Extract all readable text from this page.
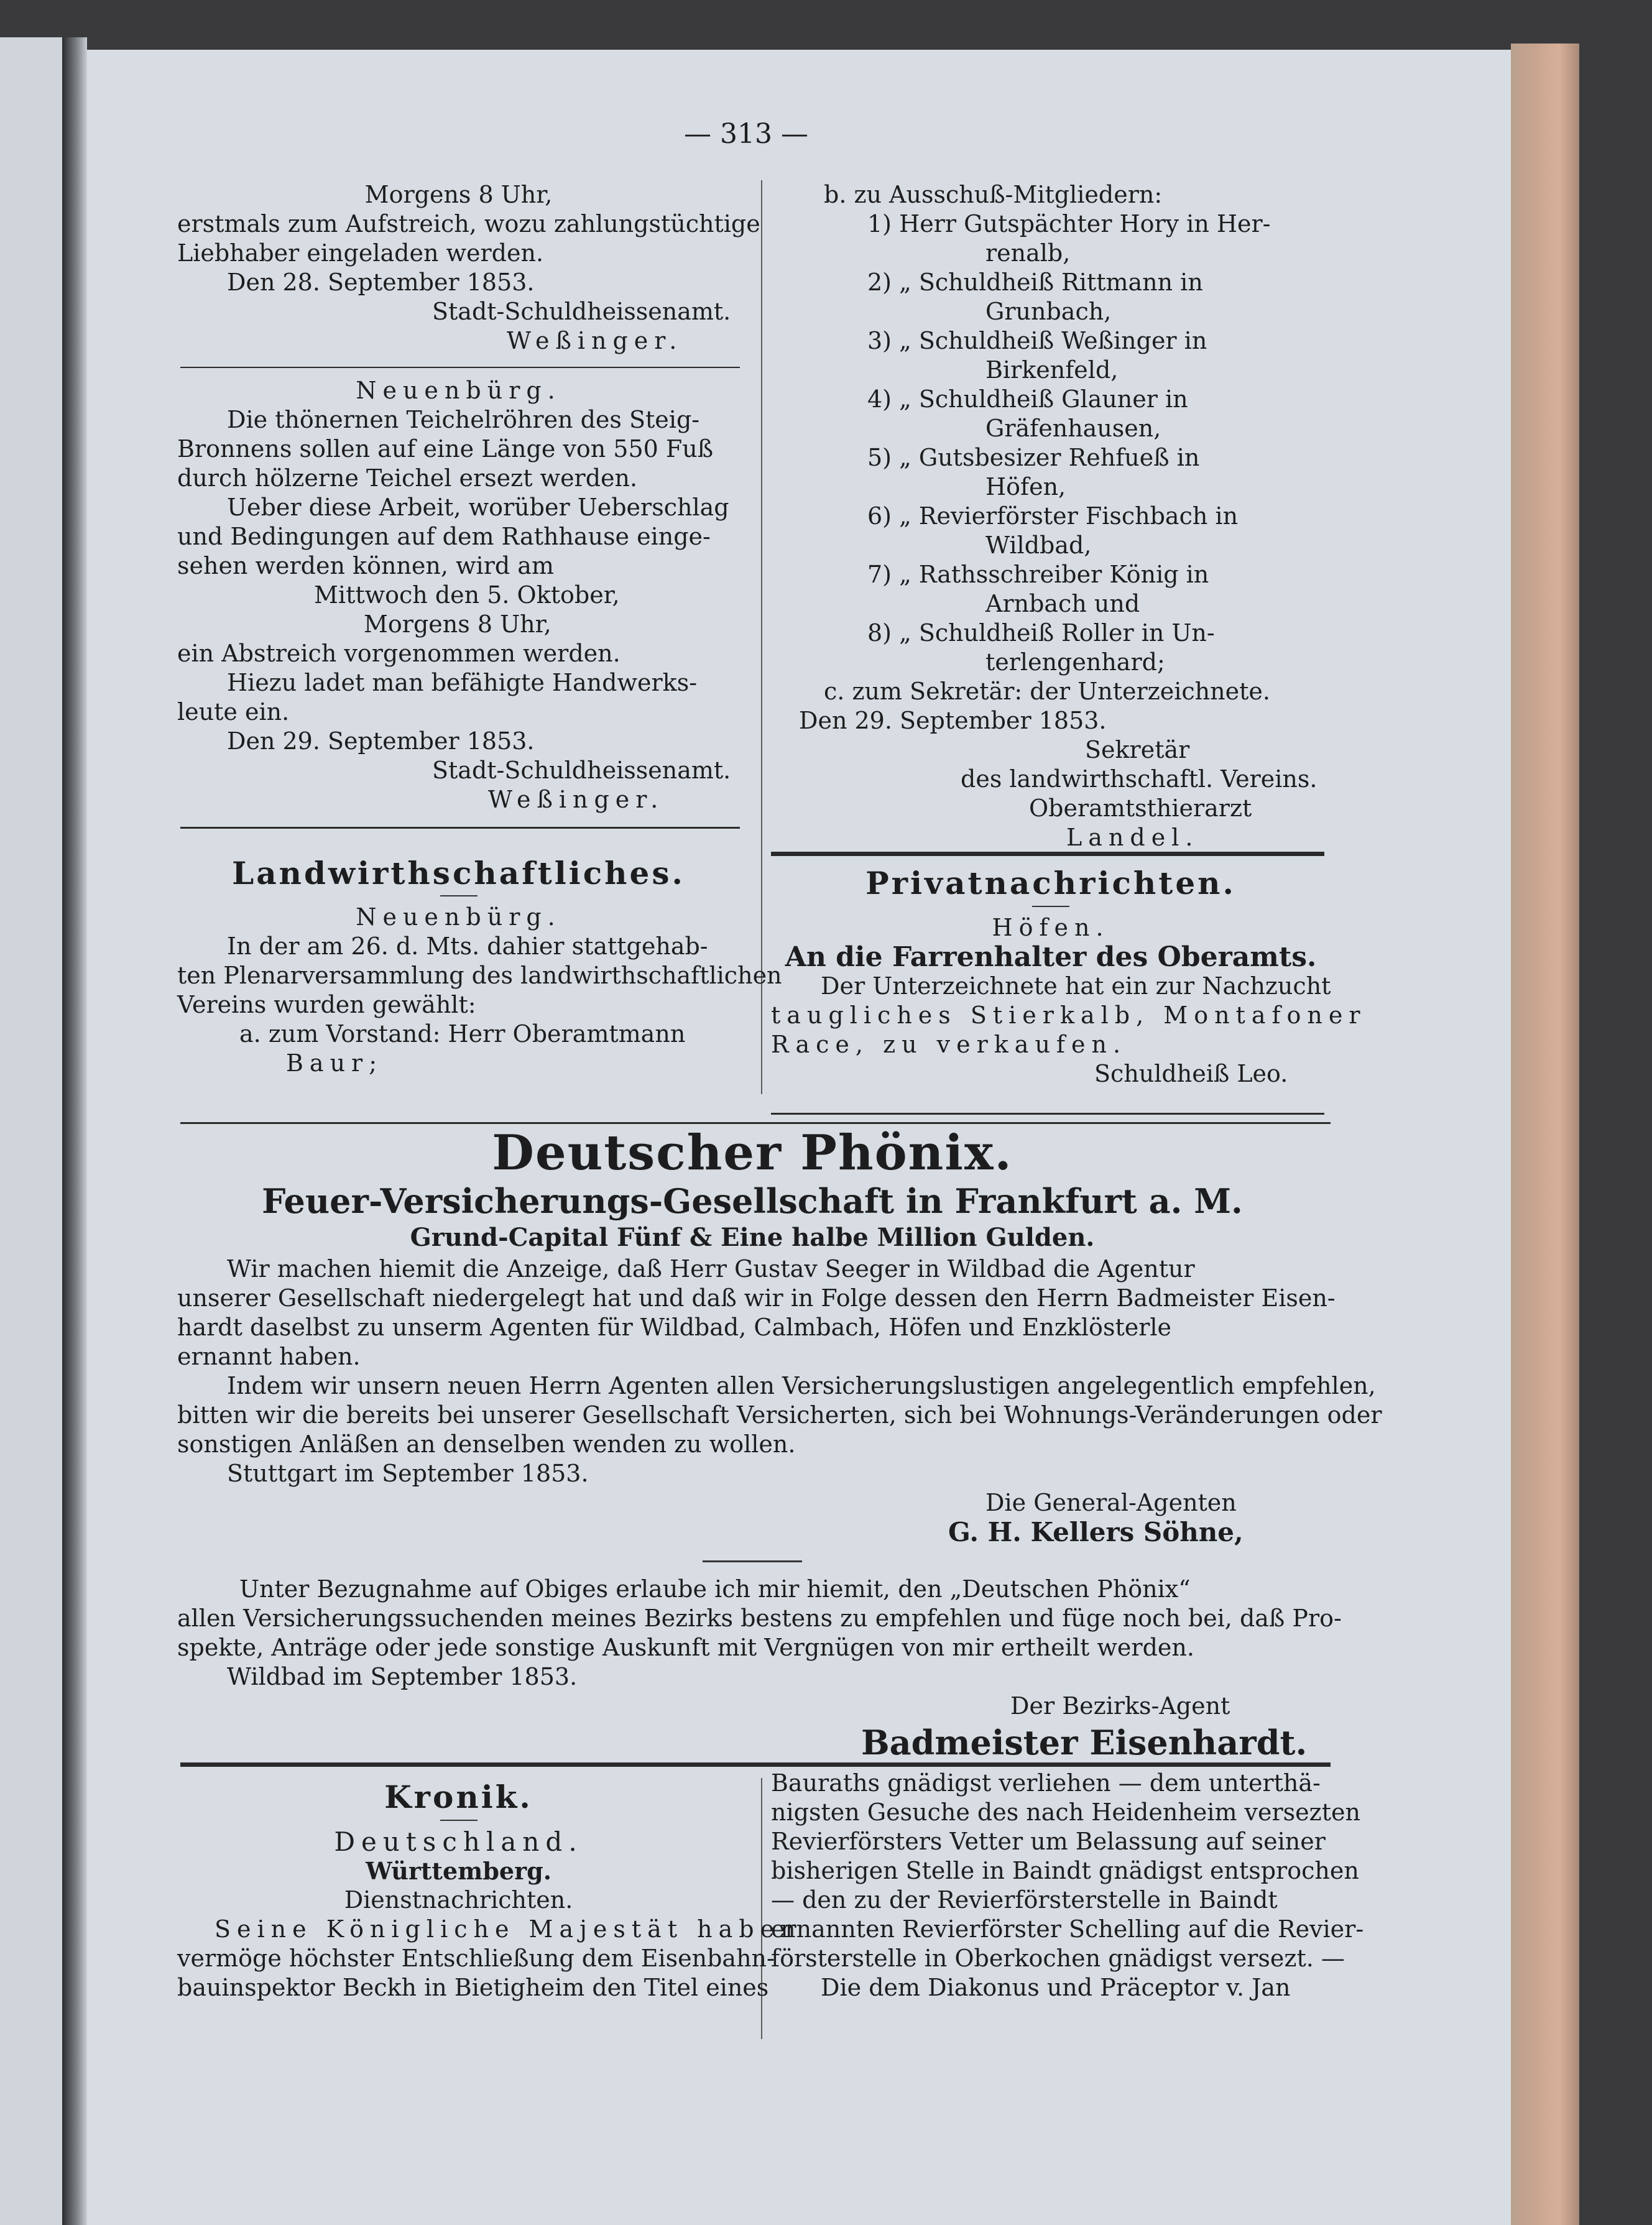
— 313 —

Morgens 8 Uhr,

erstmals zum Aufstreich, wozu zahlungstüchtige

Liebhaber eingeladen werden.

Den 28. September 1853.

Stadt-Schuldheissenamt.

Weßinger.

Neuenbürg.

Die thönernen Teichelröhren des Steig-

Bronnens sollen auf eine Länge von 550 Fuß

durch hölzerne Teichel ersezt werden.

Ueber diese Arbeit, worüber Ueberschlag

und Bedingungen auf dem Rathhause einge-

sehen werden können, wird am

Mittwoch den 5. Oktober,

Morgens 8 Uhr,

ein Abstreich vorgenommen werden.

Hiezu ladet man befähigte Handwerks-

leute ein.

Den 29. September 1853.

Stadt-Schuldheissenamt.

Weßinger.

Landwirthschaftliches.

Neuenbürg.

In der am 26. d. Mts. dahier stattgehab-

ten Plenarversammlung des landwirthschaftlichen

Vereins wurden gewählt:

a. zum Vorstand: Herr Oberamtmann

Baur;

b. zu Ausschuß-Mitgliedern:

1) Herr Gutspächter Hory in Her-

renalb,

2) „ Schuldheiß Rittmann in

Grunbach,

3) „ Schuldheiß Weßinger in

Birkenfeld,

4) „ Schuldheiß Glauner in

Gräfenhausen,

5) „ Gutsbesizer Rehfueß in

Höfen,

6) „ Revierförster Fischbach in

Wildbad,

7) „ Rathsschreiber König in

Arnbach und

8) „ Schuldheiß Roller in Un-

terlengenhard;

c. zum Sekretär: der Unterzeichnete.

Den 29. September 1853.

Sekretär

des landwirthschaftl. Vereins.

Oberamtsthierarzt

Landel.

Privatnachrichten.

Höfen.

An die Farrenhalter des Oberamts.

Der Unterzeichnete hat ein zur Nachzucht

taugliches Stierkalb, Montafoner

Race, zu verkaufen.

Schuldheiß Leo.

Deutscher Phönix.

Feuer-Versicherungs-Gesellschaft in Frankfurt a. M.

Grund-Capital Fünf & Eine halbe Million Gulden.

Wir machen hiemit die Anzeige, daß Herr Gustav Seeger in Wildbad die Agentur

unserer Gesellschaft niedergelegt hat und daß wir in Folge dessen den Herrn Badmeister Eisen-

hardt daselbst zu unserm Agenten für Wildbad, Calmbach, Höfen und Enzklösterle

ernannt haben.

Indem wir unsern neuen Herrn Agenten allen Versicherungslustigen angelegentlich empfehlen,

bitten wir die bereits bei unserer Gesellschaft Versicherten, sich bei Wohnungs-Veränderungen oder

sonstigen Anläßen an denselben wenden zu wollen.

Stuttgart im September 1853.

Die General-Agenten

G. H. Kellers Söhne,

Unter Bezugnahme auf Obiges erlaube ich mir hiemit, den „Deutschen Phönix“

allen Versicherungssuchenden meines Bezirks bestens zu empfehlen und füge noch bei, daß Pro-

spekte, Anträge oder jede sonstige Auskunft mit Vergnügen von mir ertheilt werden.

Wildbad im September 1853.

Der Bezirks-Agent

Badmeister Eisenhardt.

Kronik.

Deutschland.

Württemberg.

Dienstnachrichten.

Seine Königliche Majestät haben

vermöge höchster Entschließung dem Eisenbahn-

bauinspektor Beckh in Bietigheim den Titel eines

Bauraths gnädigst verliehen — dem unterthä-

nigsten Gesuche des nach Heidenheim versezten

Revierförsters Vetter um Belassung auf seiner

bisherigen Stelle in Baindt gnädigst entsprochen

— den zu der Revierförsterstelle in Baindt

ernannten Revierförster Schelling auf die Revier-

försterstelle in Oberkochen gnädigst versezt. —

Die dem Diakonus und Präceptor v. Jan
